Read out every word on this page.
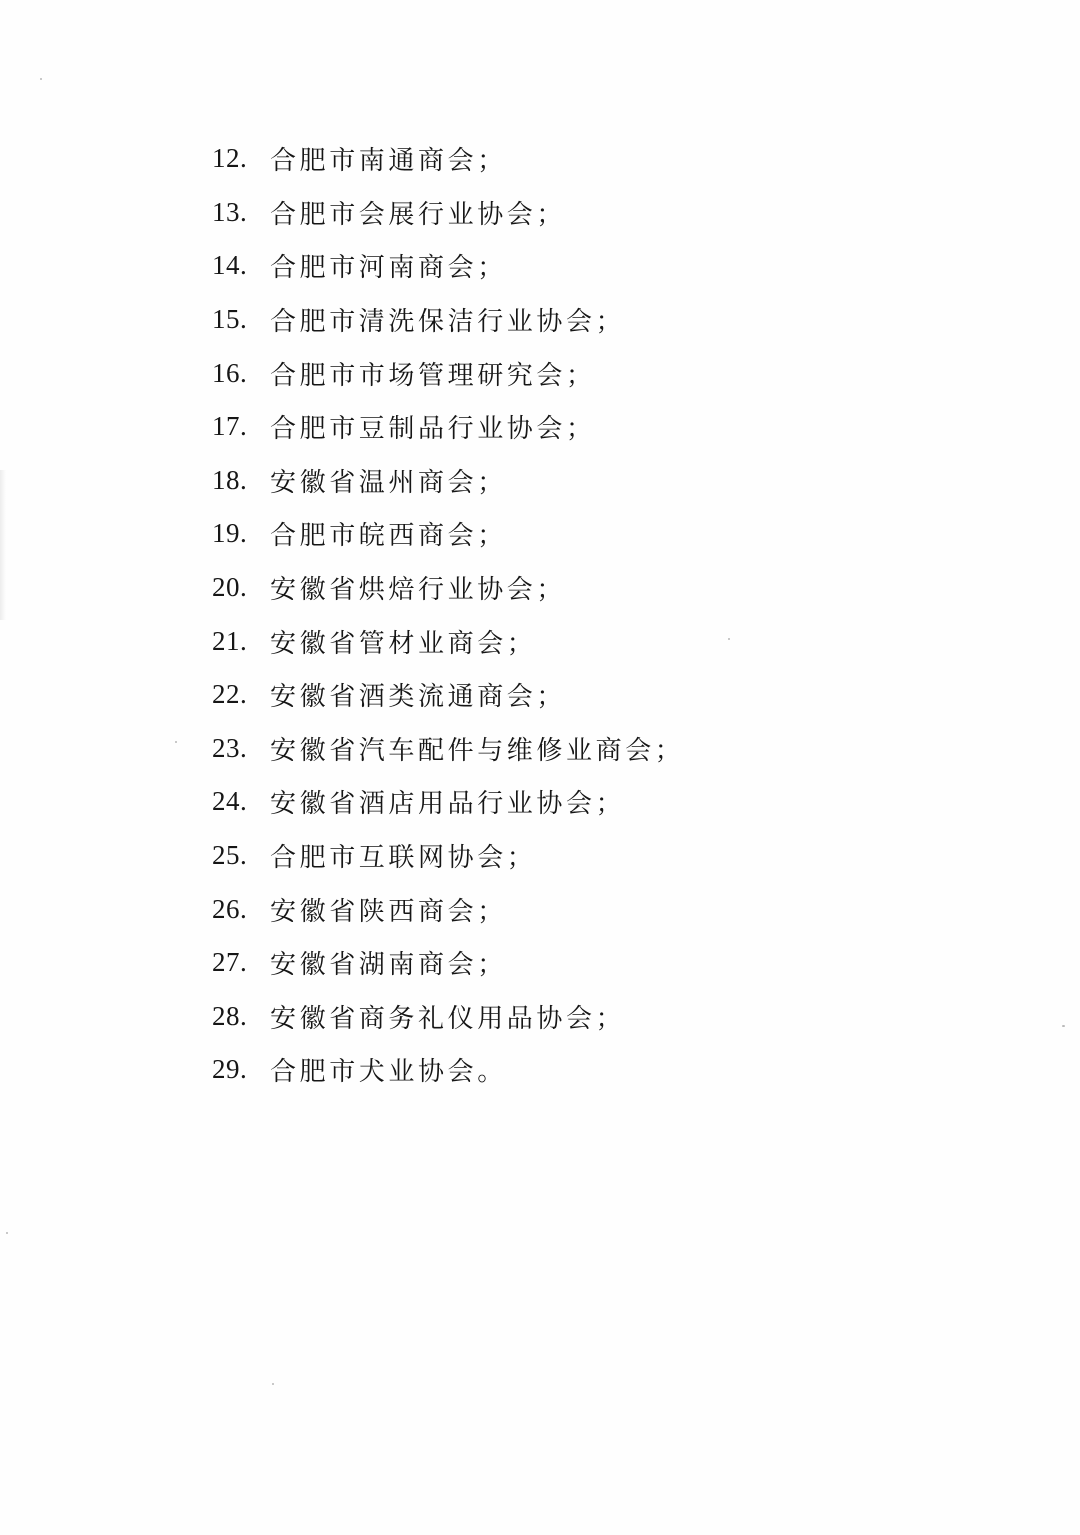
12. 合肥市南通商会；
13. 合肥市会展行业协会；
14. 合肥市河南商会；
15. 合肥市清洗保洁行业协会；
16. 合肥市市场管理研究会；
17. 合肥市豆制品行业协会；
18. 安徽省温州商会；
19. 合肥市皖西商会；
20. 安徽省烘焙行业协会；
21. 安徽省管材业商会；
22. 安徽省酒类流通商会；
23. 安徽省汽车配件与维修业商会；
24. 安徽省酒店用品行业协会；
25. 合肥市互联网协会；
26. 安徽省陕西商会；
27. 安徽省湖南商会；
28. 安徽省商务礼仪用品协会；
29. 合肥市犬业协会。
